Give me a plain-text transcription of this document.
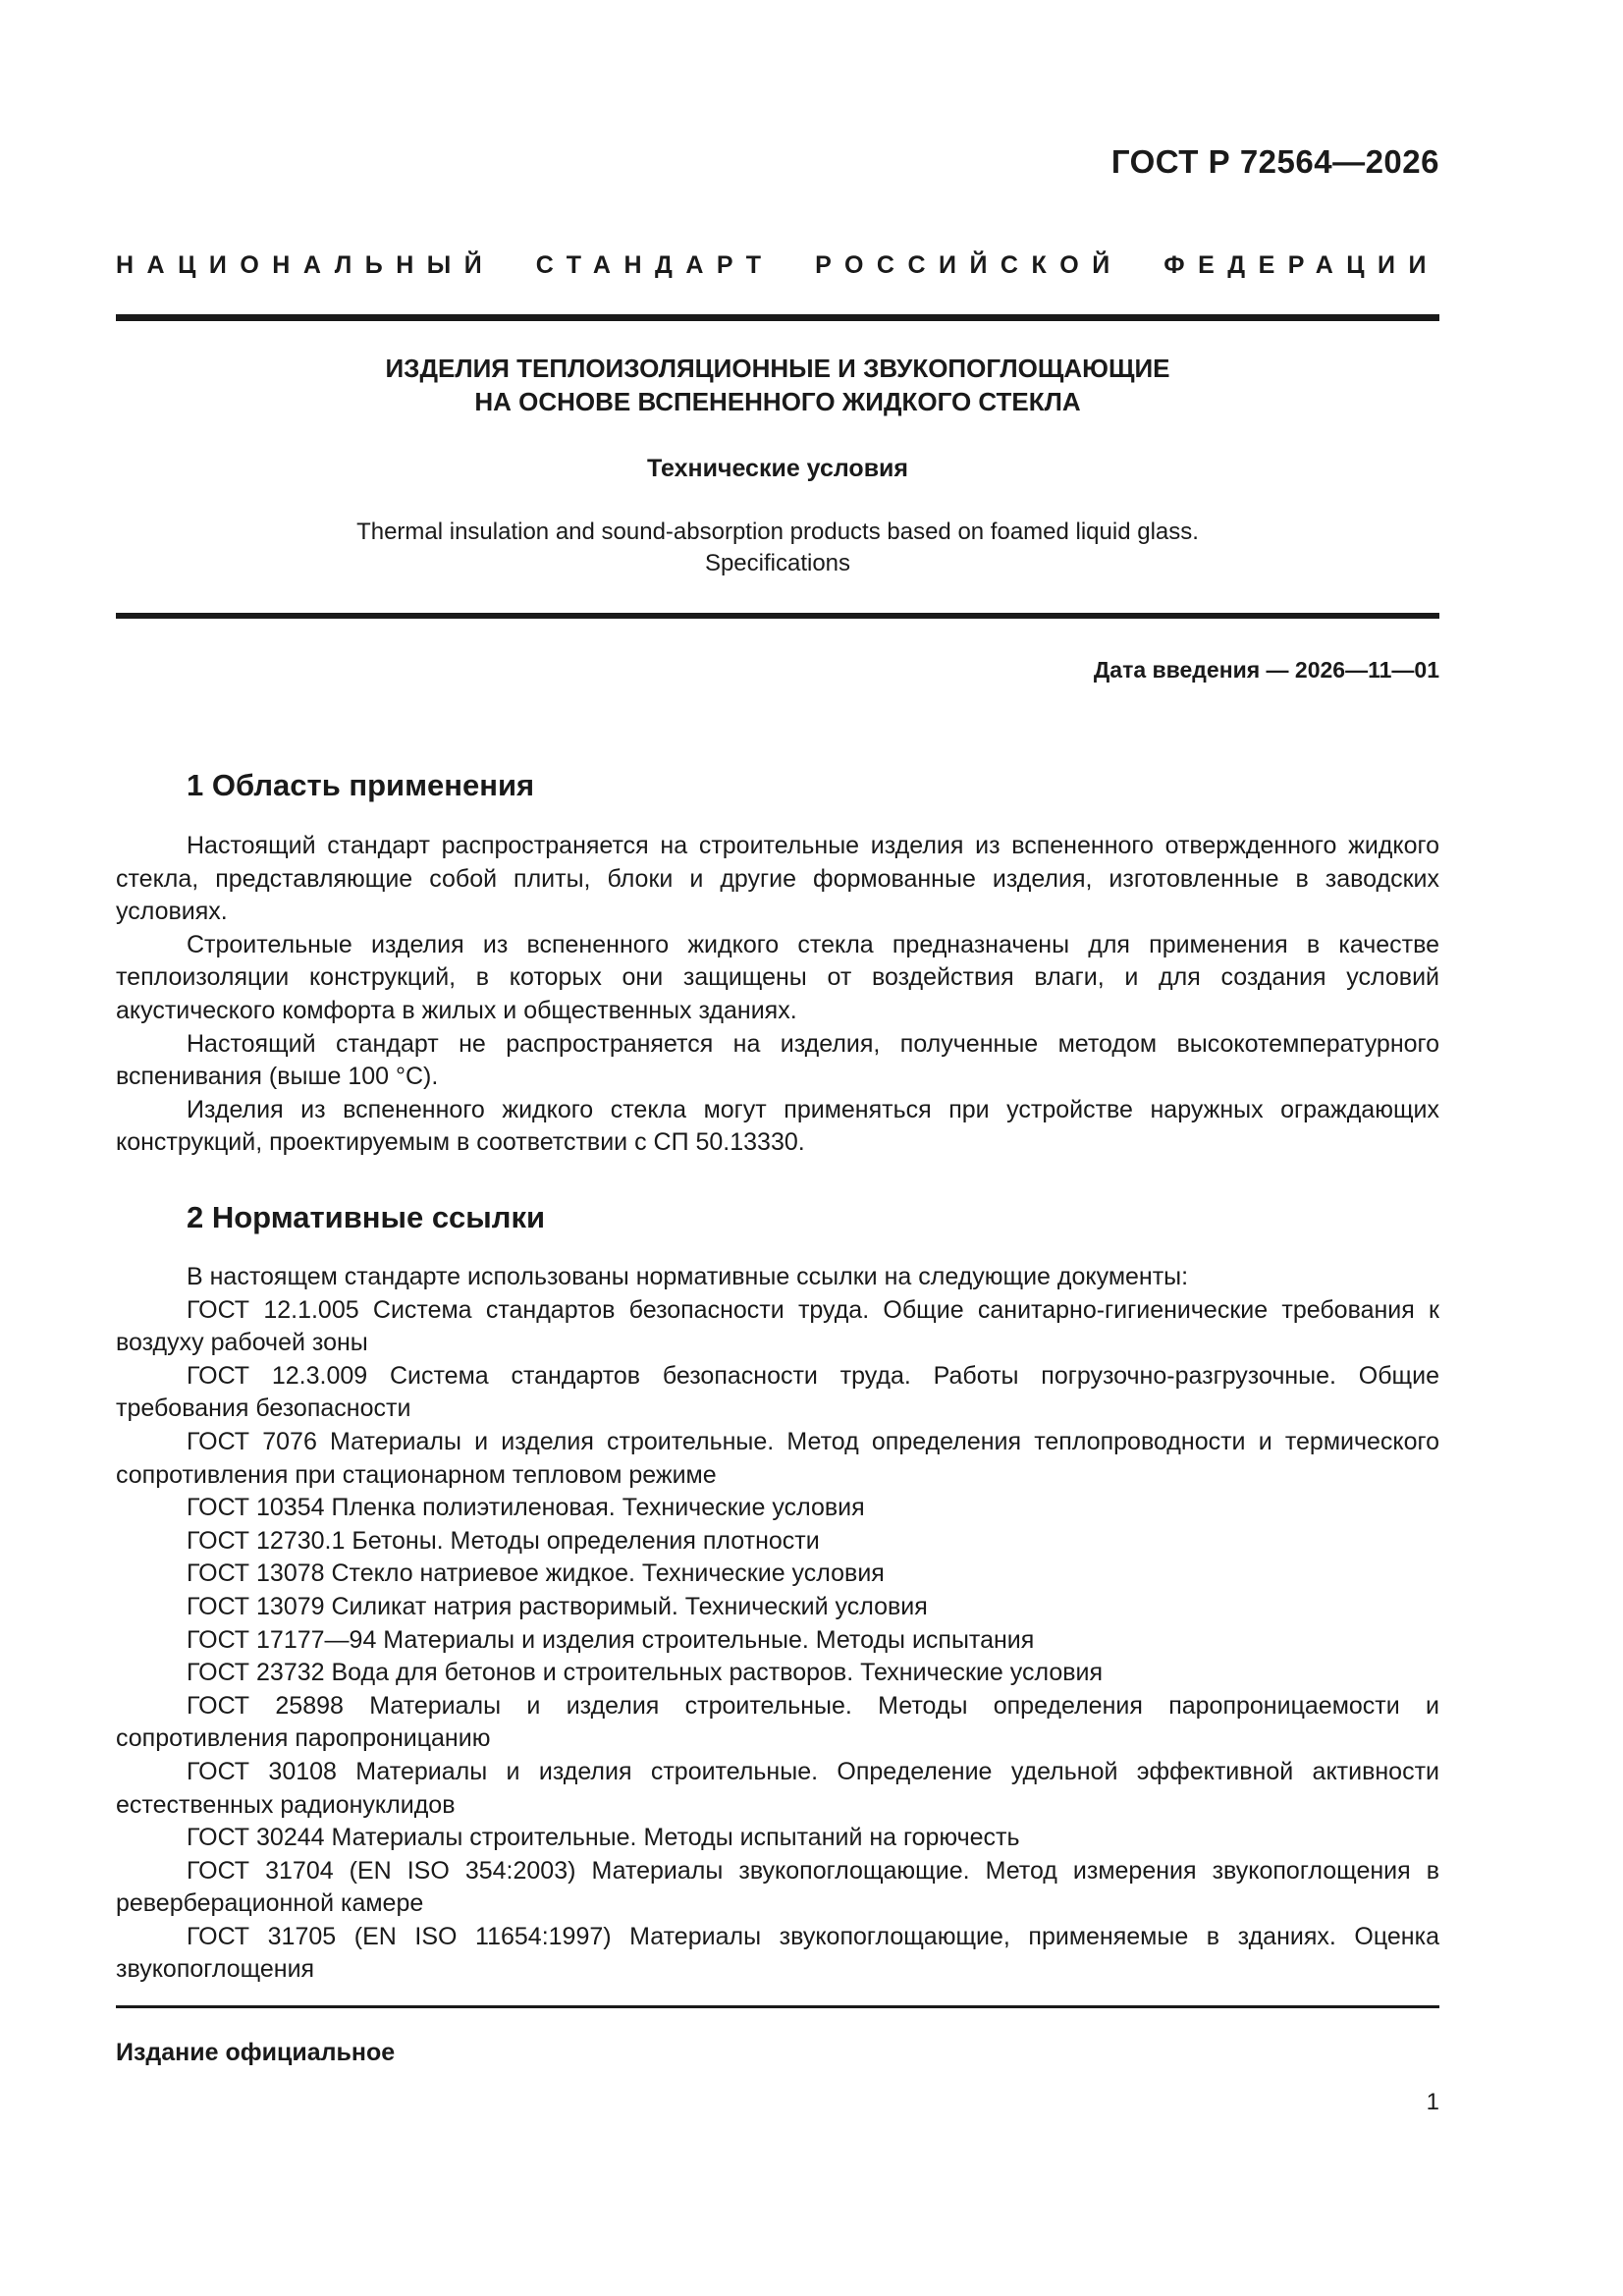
ГОСТ Р 72564—2026
НАЦИОНАЛЬНЫЙ СТАНДАРТ РОССИЙСКОЙ ФЕДЕРАЦИИ
ИЗДЕЛИЯ ТЕПЛОИЗОЛЯЦИОННЫЕ И ЗВУКОПОГЛОЩАЮЩИЕ
НА ОСНОВЕ ВСПЕНЕННОГО ЖИДКОГО СТЕКЛА
Технические условия
Thermal insulation and sound-absorption products based on foamed liquid glass.
Specifications
Дата введения — 2026—11—01
1 Область применения

Настоящий стандарт распространяется на строительные изделия из вспененного отвержденного жидкого стекла, представляющие собой плиты, блоки и другие формованные изделия, изготовленные в заводских условиях.

Строительные изделия из вспененного жидкого стекла предназначены для применения в качестве теплоизоляции конструкций, в которых они защищены от воздействия влаги, и для создания условий акустического комфорта в жилых и общественных зданиях.

Настоящий стандарт не распространяется на изделия, полученные методом высокотемпературного вспенивания (выше 100 °С).

Изделия из вспененного жидкого стекла могут применяться при устройстве наружных ограждающих конструкций, проектируемым в соответствии с СП 50.13330.

2 Нормативные ссылки

В настоящем стандарте использованы нормативные ссылки на следующие документы:

ГОСТ 12.1.005 Система стандартов безопасности труда. Общие санитарно-гигиенические требования к воздуху рабочей зоны

ГОСТ 12.3.009 Система стандартов безопасности труда. Работы погрузочно-разгрузочные. Общие требования безопасности

ГОСТ 7076 Материалы и изделия строительные. Метод определения теплопроводности и термического сопротивления при стационарном тепловом режиме

ГОСТ 10354 Пленка полиэтиленовая. Технические условия

ГОСТ 12730.1 Бетоны. Методы определения плотности

ГОСТ 13078 Стекло натриевое жидкое. Технические условия

ГОСТ 13079 Силикат натрия растворимый. Технический условия

ГОСТ 17177—94 Материалы и изделия строительные. Методы испытания

ГОСТ 23732 Вода для бетонов и строительных растворов. Технические условия

ГОСТ 25898 Материалы и изделия строительные. Методы определения паропроницаемости и сопротивления паропроницанию

ГОСТ 30108 Материалы и изделия строительные. Определение удельной эффективной активности естественных радионуклидов

ГОСТ 30244 Материалы строительные. Методы испытаний на горючесть

ГОСТ 31704 (EN ISO 354:2003) Материалы звукопоглощающие. Метод измерения звукопоглощения в реверберационной камере

ГОСТ 31705 (EN ISO 11654:1997) Материалы звукопоглощающие, применяемые в зданиях. Оценка звукопоглощения

Издание официальное
1
